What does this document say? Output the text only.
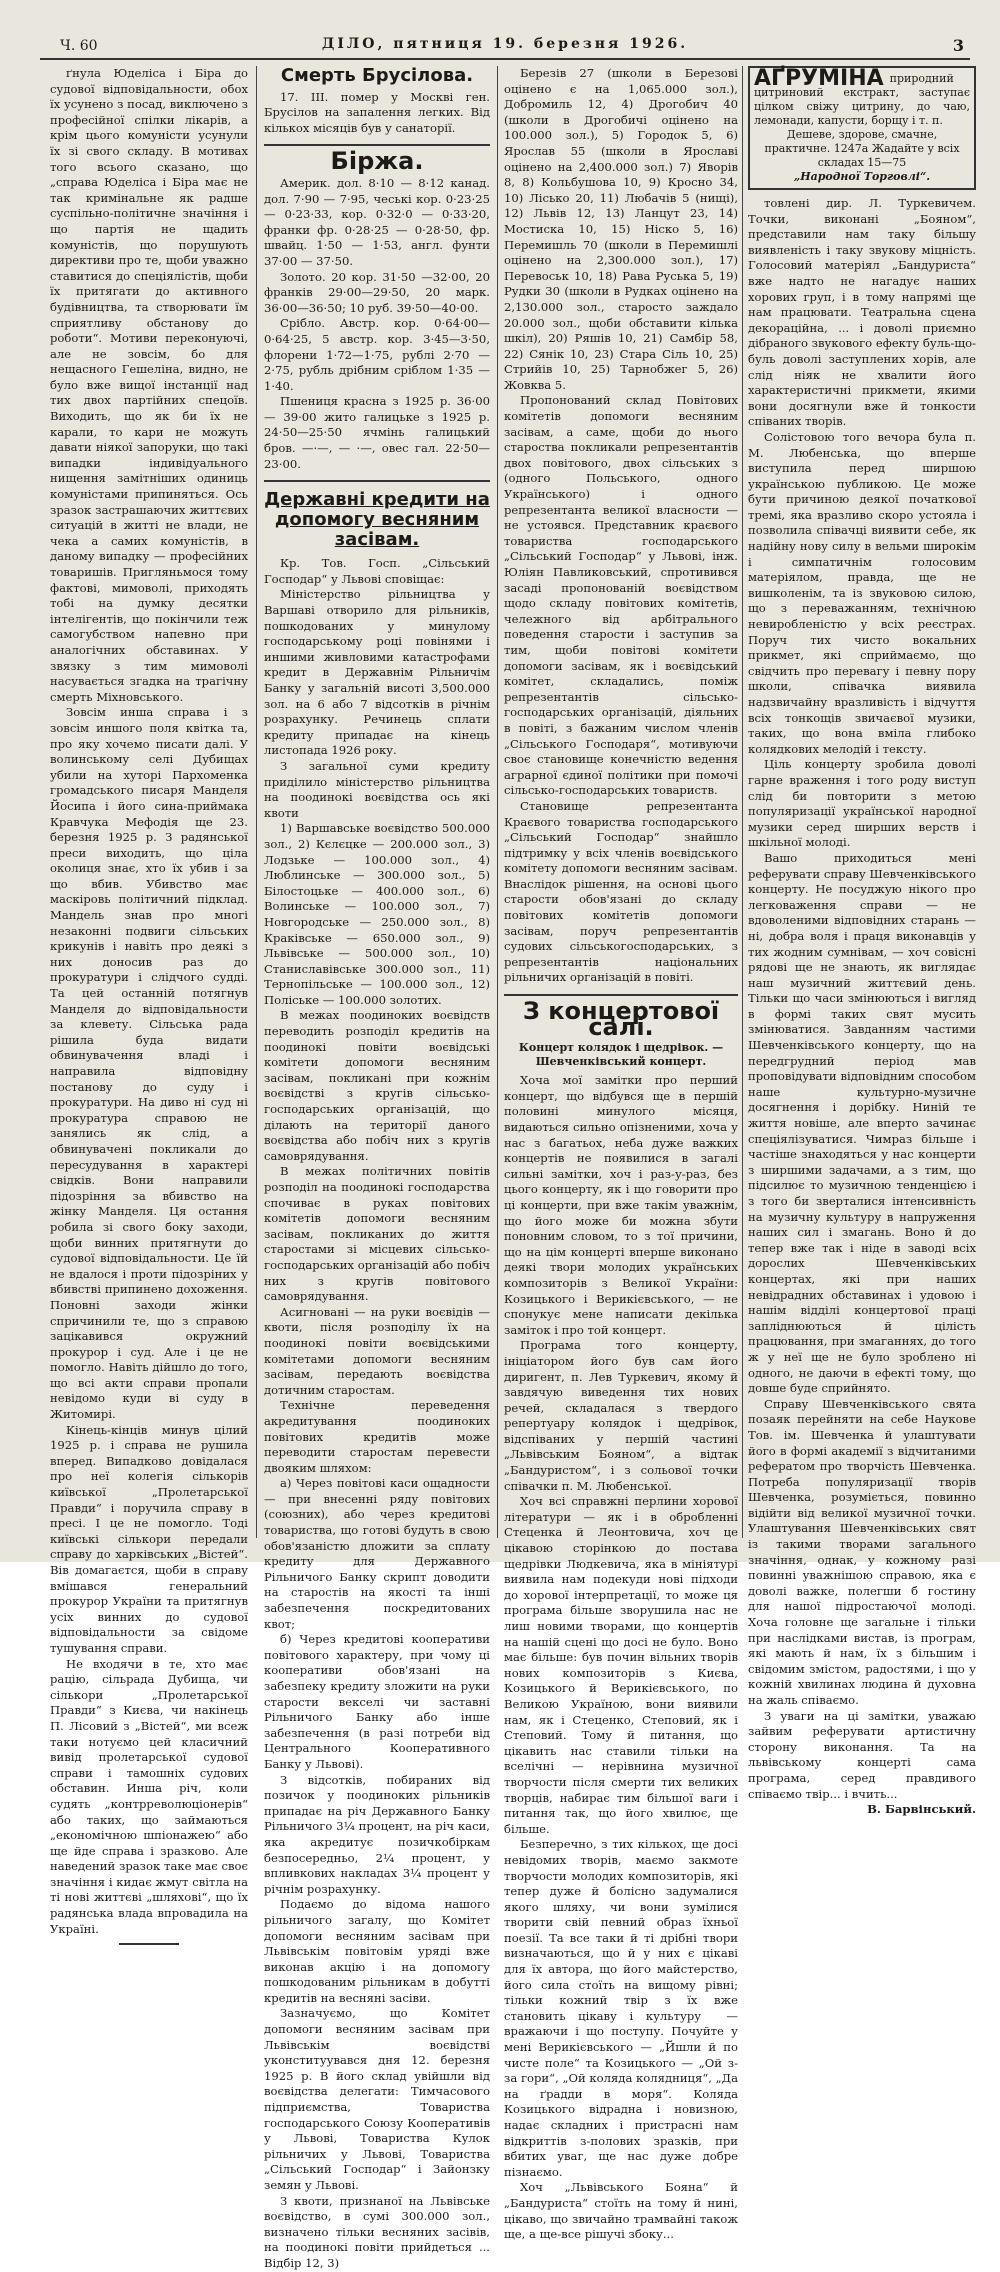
Ч. 60	ДІЛО, пятниця 19. березня 1926.	3

ґнула Юделіса і Біра до судової відповідальности, обох їх усунено з посад, виключено з професійної спілки лікарів, а крім цього комуністи усунули їх зі свого складу. В мотивах того всього сказано, що „справа Юделіса і Біра має не так кримінальне як радше суспільно-політичне значіння і що партія не щадить комуністів, що порушують директиви про те, щоби уважно ставитися до спеціялістів, щоби їх притягати до активного будівництва, та створювати їм сприятливу обстанову до роботи“. Мотиви переконуючі, але не зовсім, бо для нещасного Гешеліна, видно, не було вже вищої інстанції над тих двох партійних спецоїв. Виходить, що як би їх не карали, то кари не можуть давати ніякої запоруки, що такі випадки індивідуального нищення замітніших одиниць комуністами припиняться. Ось зразок застрашаючих життєвих ситуацій в житті не влади, не чека а самих комуністів, в даному випадку — професійних товаришів. Пригляньмося тому фактові, мимоволі, приходять тобі на думку десятки інтелігентів, що покінчили теж самогубством напевно при аналогічних обставинах. У звязку з тим мимоволі насувається згадка на трагічну смерть Міхновського.

Зовсім инша справа і з зовсім иншого поля квітка та, про яку хочемо писати далі. У волинському селі Дубищах убили на хуторі Пархоменка громадського писаря Манделя Йосипа і його сина-приймака Кравчука Мефодія ще 23. березня 1925 р. З радянської преси виходить, що ціла околиця знає, хто їх убив і за що вбив. Убивство має маскіровь політичний підклад. Мандель знав про многі незаконні подвиги сільських крикунів і навіть про деякі з них доносив раз до прокуратури і слідчого судді. Та цей останній потягнув Манделя до відповідальности за клевету. Сільська рада рішила буда видати обвинувачення владі і направила відповідну постанову до суду і прокуратури. На диво ні суд ні прокуратура справою не занялись як слід, а обвинувачені покликали до пересудування в характері свідків. Вони направили підозріння за вбивство на жінку Манделя. Ця остання робила зі свого боку заходи, щоби винних притягнути до судової відповідальности. Це їй не вдалося і проти підозріних у вбивстві припинено дохоження. Поновні заходи жінки спричинили те, що з справою зацікавився окружний прокурор і суд. Але і це не помогло. Навіть дійшло до того, що всі акти справи пропали невідомо куди ві суду в Житомирі.

Кінець-кінців минув цілий 1925 р. і справа не рушила вперед. Випадково довідалася про неї колегія сількорів київської „Пролетарської Правди“ і поручила справу в пресі. І це не помогло. Тоді київські сількори передали справу до харківських „Вістей“. Вів домагаєтся, щоби в справу вмішався генеральний прокурор України та притягнув усіх винних до судової відповідальности за свідоме тушування справи.

Не входячи в те, хто має рацію, сільрада Дубища, чи сількори „Пролетарської Правди“ з Києва, чи накінець П. Лісовий з „Вістей“, ми всеж таки нотуємо цей класичний вивід пролетарської судової справи і тамошніх судових обставин. Инша річ, коли судять „контрреволюціонерів“ або таких, що займаються „економічною шпіонажею“ або ще йде справа і зразково. Але наведений зразок таке має своє значіння і кидає жмут світла на ті нові життєві „шляхові“, що їх радянська влада впровадила на Україні.

Смерть Брусілова.

17. III. помер у Москві ген. Брусілов на запалення легких. Від кількох місяців був у санаторії.

Біржа.

Америк. дол. 8·10 — 8·12 канад. дол. 7·90 — 7·95, чеські кор. 0·23·25 — 0·23·33, кор. 0·32·0 — 0·33·20, франки фр. 0·28·25 — 0·28·50, фр. швайц. 1·50 — 1·53, англ. фунти 37·00 — 37·50.

Золото. 20 кор. 31·50 —32·00, 20 франків 29·00—29·50, 20 марк. 36·00—36·50; 10 руб. 39·50—40·00.

Срібло. Австр. кор. 0·64·00—0·64·25, 5 австр. кор. 3·45—3·50, флорени 1·72—1·75, рублі 2·70 — 2·75, рубль дрібним сріблом 1·35 —1·40.

Пшениця красна з 1925 р. 36·00 — 39·00 жито галицьке з 1925 р. 24·50—25·50 ячмінь галицький бров. —·—, — ·—, овес гал. 22·50—23·00.

Державні кредити на допомогу весняним засівам.

Кр. Тов. Госп. „Сільський Господар“ у Львові сповіщає:

Міністерство рільництва у Варшаві отворило для рільників, пошкодованих у минулому господарському році повінями і иншими живловими катастрофами кредит в Державнім Рільничім Банку у загальній висоті 3,500.000 зол. на 6 або 7 відсотків в річнім розрахунку. Речинець сплати кредиту припадає на кінець листопада 1926 року.

З загальної суми кредиту приділило міністерство рільництва на поодинокі воєвідства ось які квоти

1) Варшавське воєвідство 500.000 зол., 2) Кєлєцке — 200.000 зол., 3) Лодзьке — 100.000 зол., 4) Люблинське — 300.000 зол., 5) Білостоцьке — 400.000 зол., 6) Волинське — 100.000 зол., 7) Новгородське — 250.000 зол., 8) Краківське — 650.000 зол., 9) Львівське — 500.000 зол., 10) Станиславівське 300.000 зол., 11) Тернопільське — 100.000 зол., 12) Поліське — 100.000 золотих.

В межах поодиноких воєвідств переводить розподіл кредитів на поодинокі повіти воєвідські комітети допомоги весняним засівам, покликані при кожнім воєвідстві з кругів сільсько-господарських організацій, що ділають на території даного воєвідства або побіч них з кругів самоврядування.

В межах політичних повітів розподіл на поодинокі господарства спочиває в руках повітових комітетів допомоги весняним засівам, покликаних до життя старостами зі місцевих сільсько-господарських організацій або побіч них з кругів повітового самоврядування.

Асигновані — на руки воєвідів — квоти, після розподілу їх на поодинокі повіти воєвідськими комітетами допомоги весняним засівам, передають воєвідства дотичним старостам.

Технічне переведення акредитування поодиноких повітових кредитів може переводити старостам перевести двояким шляхом:

а) Через повітові каси ощадности — при внесенні ряду повітових (союзних), або через кредитові товариства, що готові будуть в свою обов'язаністю дложити за сплату кредиту для Державного Рільничого Банку скрипт доводити на старостів на якості та інші забезпечення поскредитованих квот;

б) Через кредитові кооперативи повітового характеру, при чому ці кооперативи обов'язані на забезпеку кредиту зложити на руки старости векселі чи заставні Рільничого Банку або інше забезпечення (в разі потреби від Центрального Кооперативного Банку у Львові).

З відсотків, побираних від позичок у поодиноких рільників припадає на річ Державного Банку Рільничого 3¼ процент, на річ каси, яка акредитує позичкобіркам безпосередньо, 2¼ процент, у впливкових накладах 3¼ процент у річнім розрахунку.

Подаємо до відома нашого рільничого загалу, що Комітет допомоги весняним засівам при Львівськім повітовім уряді вже виконав акцію і на допомогу пошкодованим рільникам в добутті кредитів на весняні засіви.

Зазначуємо, що Комітет допомоги весняним засівам при Львівськім воєвідстві уконституувався дня 12. березня 1925 р. В його склад увійшли від воєвідства делегати: Тимчасового підприємства, Товариства господарського Союзу Кооперативів у Львові, Товариства Кулок рільничих у Львові, Товариства „Сільський Господар“ і Зайонзку земян у Львові.

З квоти, признаної на Львівське воєвідство, в сумі 300.000 зол., визначено тільки весняних засівів, на поодинокі повіти прийдеться ... Відбір 12, 3)

Березів 27 (школи в Березові оцінено є на 1,065.000 зол.), Добромиль 12, 4) Дрогобич 40 (школи в Дрогобичі оцінено на 100.000 зол.), 5) Городок 5, 6) Ярослав 55 (школи в Ярославі оцінено на 2,400.000 зол.) 7) Яворів 8, 8) Кольбушова 10, 9) Кросно 34, 10) Лісько 20, 11) Любачів 5 (нищі), 12) Львів 12, 13) Ланцут 23, 14) Мостиска 10, 15) Ніско 5, 16) Перемишль 70 (школи в Перемишлі оцінено на 2,300.000 зол.), 17) Перевоськ 10, 18) Рава Руська 5, 19) Рудки 30 (школи в Рудках оцінено на 2,130.000 зол., старосто заждало 20.000 зол., щоби обставити кілька шкіл), 20) Ряшів 10, 21) Самбір 58, 22) Сянік 10, 23) Стара Сіль 10, 25) Стрийів 10, 25) Тарнобжег 5, 26) Жовква 5.

Пропонований склад Повітових комітетів допомоги весняним засівам, а саме, щоби до нього староства покликали репрезентантів двох повітового, двох сільських з (одного Польського, одного Українського) і одного репрезентанта великої власности — не устоявся. Представник краєвого товариства господарського „Сільський Господар“ у Львові, інж. Юліян Павликовський, спротивився засаді пропонованій воєвідством щодо складу повітових комітетів, чележного від арбітрального поведення старости і заступив за тим, щоби повітові комітети допомоги засівам, як і воєвідський комітет, складались, поміж репрезентантів сільсько-господарських організацій, діяльних в повіті, з бажаним числом членів „Сільського Господаря“, мотивуючи своє становище конечністю ведення аграрної єдиної політики при помочі сільсько-господарських товариств.

Становище репрезентанта Краєвого товариства господарського „Сільський Господар“ знайшло підтримку у всіх членів воєвідського комітету допомоги весняним засівам. Внаслідок рішення, на основі цього старости обов'язані до складу повітових комітетів допомоги засівам, поруч репрезентантів судових сільськогосподарських, з репрезентантів національних рільничих організацій в повіті.

З концертової салі.
Концерт колядок і щедрівок. — Шевченківський концерт.

Хоча мої замітки про перший концерт, що відбувся ще в першій половині минулого місяця, видаються сильно опізненими, хоча у нас з багатьох, неба дуже важких концертів не появилися в загалі сильні замітки, хоч і раз-у-раз, без цього концерту, як і що говорити про ці концерти, при вже такім уважнім, що його може би можна збути поновним словом, то з тої причини, що на цім концерті вперше виконано деякі твори молодих українських композиторів з Великої України: Козицького і Верикієвського, — не спонукує мене написати декілька заміток і про той концерт.

Програма того концерту, ініціатором його був сам його диригент, п. Лев Туркевич, якому й завдячую виведення тих нових речей, складалася з твердого репертуару колядок і щедрівок, відспіваних у першій частині „Львівським Бояном“, а відтак „Бандуристом“, і з сольової точки співачки п. М. Любенської.

Хоч всі справжні перлини хорової літератури — як і в обробленні Стеценка й Леонтовича, хоч це цікавою сторінкою до постава щедрівки Людкевича, яка в мініятурі виявила нам подекуди нові підходи до хорової інтерпретації, то може ця програма більше зворушила нас не лиш новими творами, що концертів на нашій сцені що досі не було. Воно має більше: був почин вільних творів нових композиторів з Києва, Козицького й Верикієвського, по Великою Україною, вони виявили нам, як і Стеценко, Степовий, як і Степовий. Тому й питання, що цікавить нас ставили тільки на вселічні — нерівнина музичної творчости після смерти тих великих творців, набирає тим більшої ваги і питання так, що його хвилює, ще більше.

Безперечно, з тих кількох, ще досі невідомих творів, маємо закмоте творчости молодих композиторів, які тепер дуже й болісно задумалися якого шляху, чи вони зумілися творити свій певний образ їхньої поезії. Та все таки й ті дрібні твори визначаються, що й у них є цікаві для їх автора, що його майстерство, його сила стоїть на вищому рівні; тільки кожний твір з їх вже становить цікаву і культуру — вражаючи і що поступу. Почуйте у мені Верикієвського — „Йшли й по чисте поле“ та Козицького — „Ой з-за гори“, „Ой коляда колядниця“, „Да на ґрадди в моря“. Коляда Козицького відрадна і новизною, надає складних і пристрасні нам відкриттів з-полових зразків, при вбитих уваг, ще нас дуже добре пізнаємо.

Хоч „Львівського Бояна“ й „Бандуриста“ стоїть на тому й нині, цікаво, що звичайно трамвайні також ще, а ще-все рішучі збоку...

АҐРУМІНА природний цитриновий екстракт, заступає цілком свіжу цитрину, до чаю, лемонади, капусти, борщу і т. п.
Дешеве, здорове, смачне, практичне. 1247а Жадайте у всіх складах 15—75
„Народної Торговлі“.

товлені дир. Л. Туркевичем. Точки, виконані „Бояном“, представили нам таку більшу виявленість і таку звукову міцність. Голосовий матеріял „Бандуриста“ вже надто не нагадує наших хорових груп, і в тому напрямі ще нам працювати. Театральна сцена декораційна, ... і доволі приємно дібраного звукового ефекту буль-що-буль доволі заступлених хорів, але слід ніяк не хвалити його характеристичні прикмети, якими вони досягнули вже й тонкости співаних творів.

Солістовою того вечора була п. М. Любенська, що вперше виступила перед ширшою українською публикою. Це може бути причиною деякої початкової тремі, яка вразливо скоро устояла і позволила співачці виявити себе, як надійну нову силу в вельми широкім і симпатичнім голосовим матеріялом, правда, ще не вишколенім, та із звуковою силою, що з переважанням, технічною невиробленістю у всіх реєстрах. Поруч тих чисто вокальних прикмет, які сприймаємо, що свідчить про перевагу і певну пору школи, співачка виявила надзвичайну вразливість і відчуття всіх тонкощів звичаєвої музики, таких, що вона вміла глибоко колядкових мелодій і тексту.

Ціль концерту зробила доволі гарне враження і того роду виступ слід би повторити з метою популяризації української народної музики серед ширших верств і шкільної молоді.

Вашо приходиться мені реферувати справу Шевченківського концерту. Не посуджую нікого про легковаження справи — не вдоволеними відповідних старань — ні, добра воля і праця виконавців у тих жодним сумнівам, — хоч совісні рядові ще не знають, як виглядає наш музичний життєвий день. Тільки що часи змінюються і вигляд в формі таких свят мусить змінюватися. Завданням частими Шевченківського концерту, що на передгрудний період мав проповідувати відповідним способом наше культурно-музичне досягнення і дорібку. Ниній те життя новіше, але вперто зачинає спеціялізуватися. Чимраз більше і частіше знаходяться у нас концерти з ширшими задачами, а з тим, що підсилює то музичною тенденцією і з того би зверталися інтенсивність на музичну культуру в напруження наших сил і змагань. Воно й до тепер вже так і ніде в заводі всіх дорослих Шевченківських концертах, які при наших невідрадних обставинах і удовою і нашім відділі концертової праці запліднюються й цілість працювання, при змаганнях, до того ж у неї ще не було зроблено ні одного, не даючи в ефекті тому, що довше буде сприйнято.

Справу Шевченківського свята позаяк перейняти на себе Наукове Тов. ім. Шевченка й улаштувати його в формі академії з відчитаними рефератом про творчість Шевченка. Потреба популяризації творів Шевченка, розуміється, повинно відійти від великої музичної точки. Улаштування Шевченківських свят із такими творами загального значіння, однак, у кожному разі повинні уважнішою справою, яка є доволі важке, полегши б гостину для нашої підростаючої молоді. Хоча головне ще загальне і тільки при наслідками вистав, із програм, які мають й нам, їх з більшим і свідомим змістом, радостями, і що у кожній хвилинах людина й духовна на жаль співаємо.

З уваги на ці замітки, уважаю зайвим реферувати артистичну сторону виконання. Та на львівському концерті сама програма, серед правдивого співаємо твір... і вчить...

В. Барвінський.
